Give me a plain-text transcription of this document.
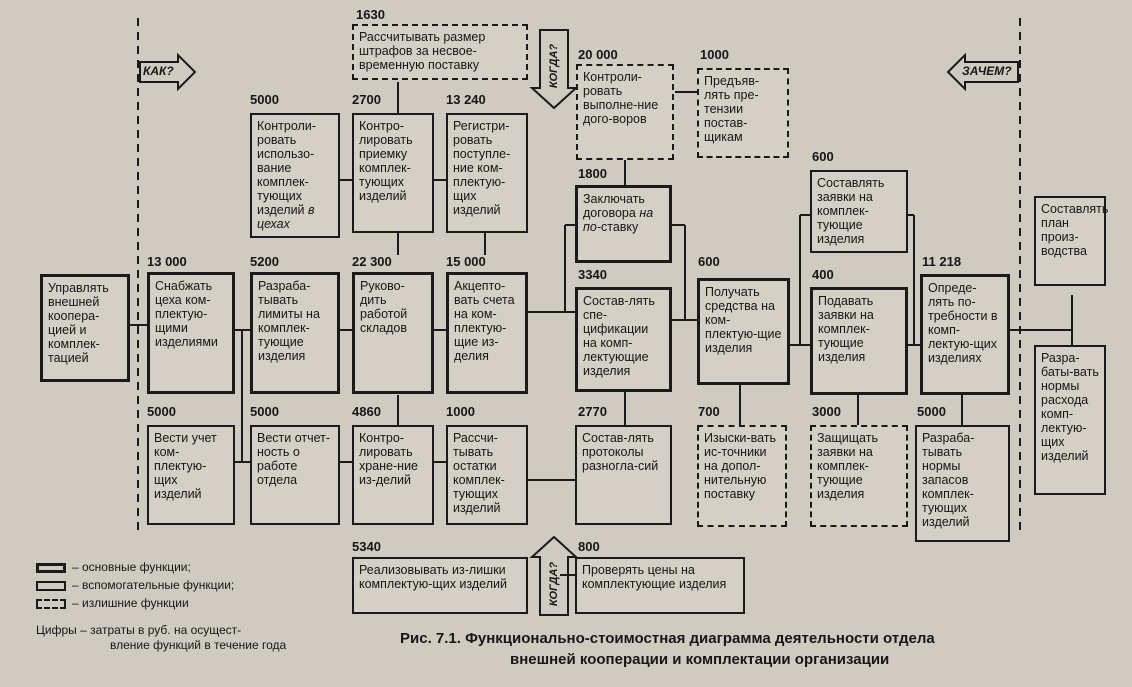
КАК?	ЗАЧЕМ?
КОГДА?
КОГДА?
1630
Рассчитывать размер штрафов за несвое-временную поставку
20 000
Контроли-ровать выполне-ние дого-воров
1000
Предъяв-лять пре-тензии постав-щикам
5000
Контроли-ровать использо-вание комплек-тующих изделий в цехах
2700
Контро-лировать приемку комплек-тующих изделий
13 240
Регистри-ровать поступле-ние ком-плектую-щих изделий
1800
Заключать договора на по-ставку
600
Составлять заявки на комплек-тующие изделия
Составлять план произ-водства
Управлять внешней коопера-цией и комплек-тацией
13 000
Снабжать цеха ком-плектую-щими изделиями
5200
Разраба-тывать лимиты на комплек-тующие изделия
22 300
Руково-дить работой складов
15 000
Акцепто-вать счета на ком-плектую-щие из-делия
3340
Состав-лять спе-цификации на комп-лектующие изделия
600
Получать средства на ком-плектую-щие изделия
400
Подавать заявки на комплек-тующие изделия
11 218
Опреде-лять по-требности в комп-лектую-щих изделиях	Разра-баты-вать нормы расхода комп-лектую-щих изделий
5000
Вести учет ком-плектую-щих изделий
5000
Вести отчет-ность о работе отдела
4860
Контро-лировать хране-ние из-делий
1000
Рассчи-тывать остатки комплек-тующих изделий
2770
Состав-лять протоколы разногла-сий
700
Изыски-вать ис-точники на допол-нительную поставку
3000
Защищать заявки на комплек-тующие изделия
5000
Разраба-тывать нормы запасов комплек-тующих изделий
5340
Реализовывать из-лишки комплектую-щих изделий
800
Проверять цены на комплектующие изделия
– основные функции;
– вспомогательные функции;
– излишние функции
Цифры – затраты в руб. на осущест-
вление функций в течение года	Рис. 7.1. Функционально-стоимостная диаграмма деятельности отдела
внешней кооперации и комплектации организации
